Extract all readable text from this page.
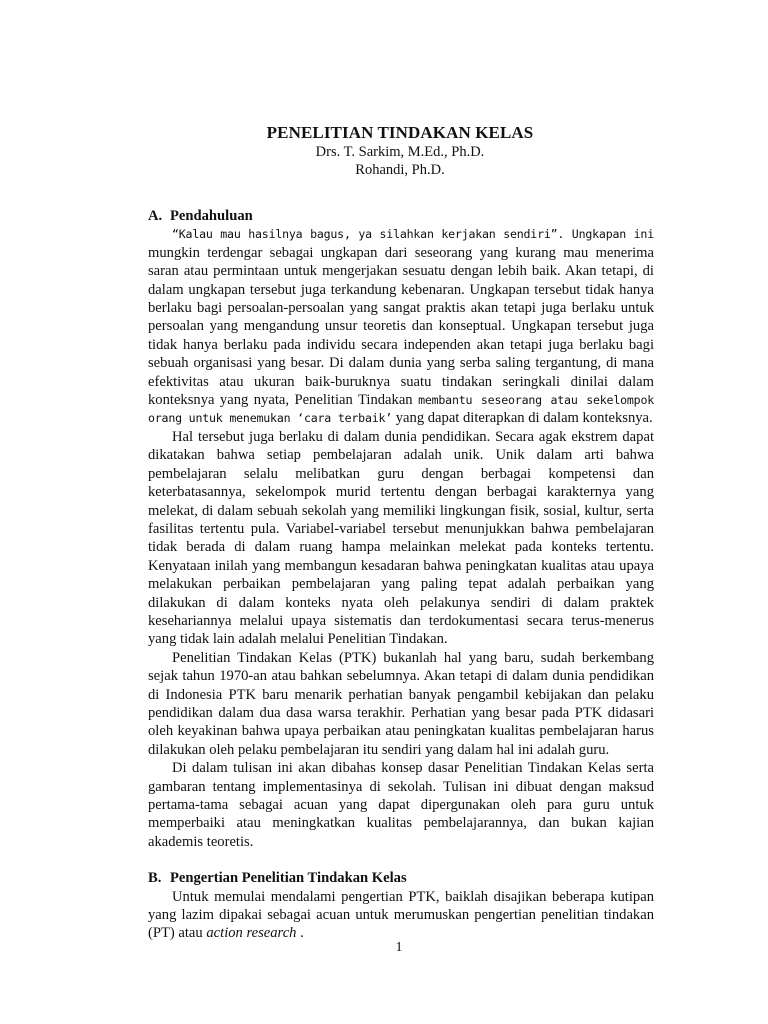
PENELITIAN TINDAKAN KELAS

Drs. T. Sarkim, M.Ed., Ph.D.

Rohandi, Ph.D.

A. Pendahuluan

“Kalau mau hasilnya bagus, ya silahkan kerjakan sendiri”. Ungkapan ini mungkin terdengar sebagai ungkapan dari seseorang yang kurang mau menerima saran atau permintaan untuk mengerjakan sesuatu dengan lebih baik. Akan tetapi, di dalam ungkapan tersebut juga terkandung kebenaran. Ungkapan tersebut tidak hanya berlaku bagi persoalan-persoalan yang sangat praktis akan tetapi juga berlaku untuk persoalan yang mengandung unsur teoretis dan konseptual. Ungkapan tersebut juga tidak hanya berlaku pada individu secara independen akan tetapi juga berlaku bagi sebuah organisasi yang besar. Di dalam dunia yang serba saling tergantung, di mana efektivitas atau ukuran baik-buruknya suatu tindakan seringkali dinilai dalam konteksnya yang nyata, Penelitian Tindakan membantu seseorang atau sekelompok orang untuk menemukan ‘cara terbaik’ yang dapat diterapkan di dalam konteksnya.

Hal tersebut juga berlaku di dalam dunia pendidikan. Secara agak ekstrem dapat dikatakan bahwa setiap pembelajaran adalah unik. Unik dalam arti bahwa pembelajaran selalu melibatkan guru dengan berbagai kompetensi dan keterbatasannya, sekelompok murid tertentu dengan berbagai karakternya yang melekat, di dalam sebuah sekolah yang memiliki lingkungan fisik, sosial, kultur, serta fasilitas tertentu pula. Variabel-variabel tersebut menunjukkan bahwa pembelajaran tidak berada di dalam ruang hampa melainkan melekat pada konteks tertentu. Kenyataan inilah yang membangun kesadaran bahwa peningkatan kualitas atau upaya melakukan perbaikan pembelajaran yang paling tepat adalah perbaikan yang dilakukan di dalam konteks nyata oleh pelakunya sendiri di dalam praktek kesehariannya melalui upaya sistematis dan terdokumentasi secara terus-menerus yang tidak lain adalah melalui Penelitian Tindakan.

Penelitian Tindakan Kelas (PTK) bukanlah hal yang baru, sudah berkembang sejak tahun 1970-an atau bahkan sebelumnya. Akan tetapi di dalam dunia pendidikan di Indonesia PTK baru menarik perhatian banyak pengambil kebijakan dan pelaku pendidikan dalam dua dasa warsa terakhir. Perhatian yang besar pada PTK didasari oleh keyakinan bahwa upaya perbaikan atau peningkatan kualitas pembelajaran harus dilakukan oleh pelaku pembelajaran itu sendiri yang dalam hal ini adalah guru.

Di dalam tulisan ini akan dibahas konsep dasar Penelitian Tindakan Kelas serta gambaran tentang implementasinya di sekolah. Tulisan ini dibuat dengan maksud pertama-tama sebagai acuan yang dapat dipergunakan oleh para guru untuk memperbaiki atau meningkatkan kualitas pembelajarannya, dan bukan kajian akademis teoretis.

B. Pengertian Penelitian Tindakan Kelas

Untuk memulai mendalami pengertian PTK, baiklah disajikan beberapa kutipan yang lazim dipakai sebagai acuan untuk merumuskan pengertian penelitian tindakan (PT) atau action research .

1
